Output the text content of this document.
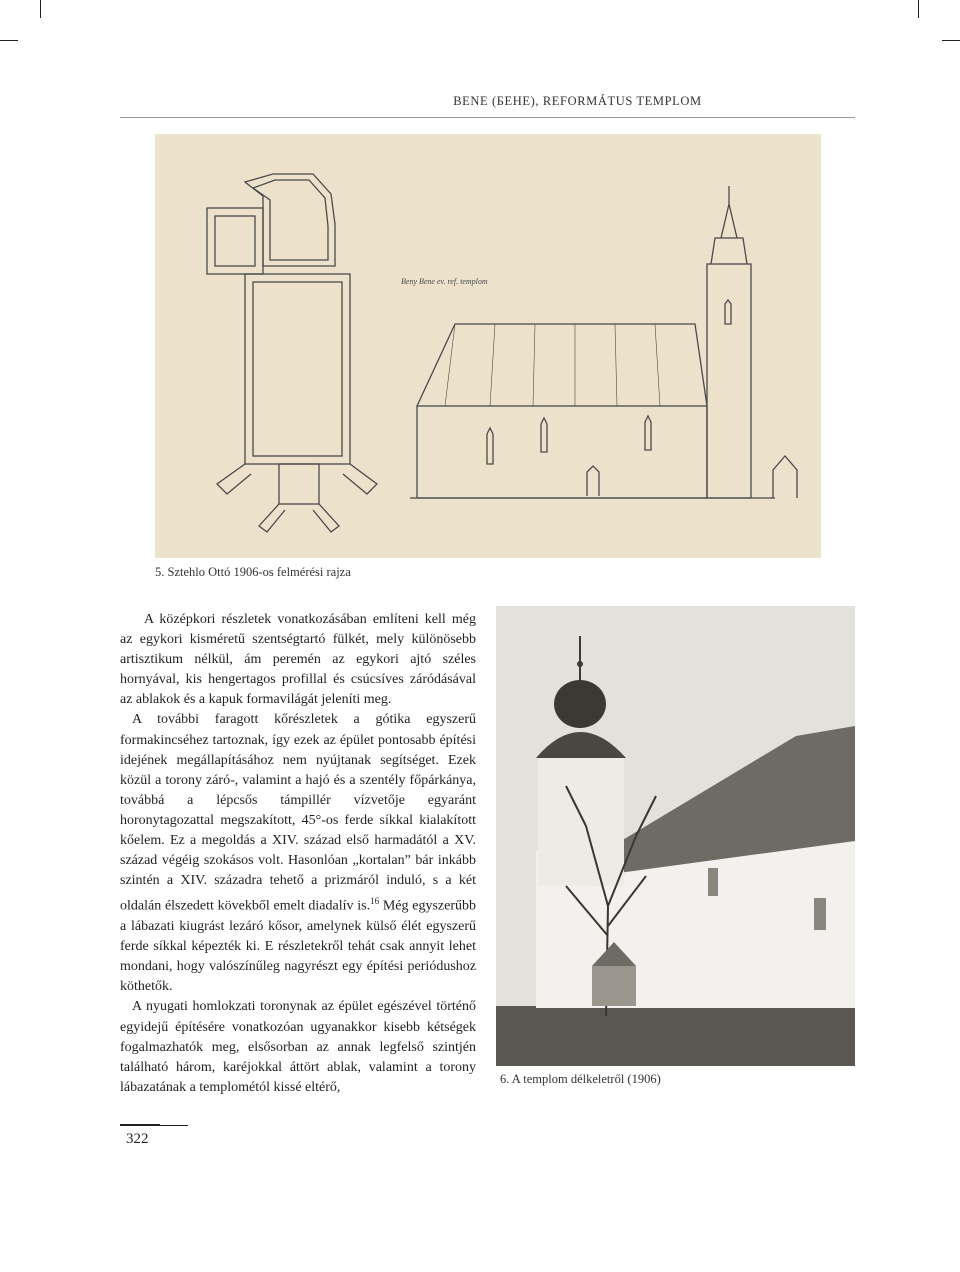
BENE (БЕНЕ), REFORMÁTUS TEMPLOM
Beny Bene ev. ref. templom
5. Sztehlo Ottó 1906-os felmérési rajza

A középkori részletek vonatkozásában említeni kell még az egykori kisméretű szentségtartó fülkét, mely különösebb artisztikum nélkül, ám peremén az egykori ajtó széles hornyával, kis hengertagos profillal és csúcsíves záródásával az ablakok és a kapuk formavilágát jeleníti meg.

A további faragott kőrészletek a gótika egyszerű formakincséhez tartoznak, így ezek az épület pontosabb építési idejének megállapításához nem nyújtanak segítséget. Ezek közül a torony záró-, valamint a hajó és a szentély főpárkánya, továbbá a lépcsős támpillér vízvetője egyaránt horonytagozattal megszakított, 45°-os ferde síkkal kialakított kőelem. Ez a megoldás a XIV. század első harmadától a XV. század végéig szokásos volt. Hasonlóan „kortalan” bár inkább szintén a XIV. századra tehető a prizmáról induló, s a két oldalán élszedett kövekből emelt diadalív is.$^{16}$ Még egyszerűbb a lábazati kiugrást lezáró kősor, amelynek külső élét egyszerű ferde síkkal képezték ki. E részletekről tehát csak annyit lehet mondani, hogy valószínűleg nagyrészt egy építési periódushoz köthetők.

A nyugati homlokzati toronynak az épület egészével történő egyidejű építésére vonatkozóan ugyanakkor kisebb kétségek fogalmazhatók meg, elsősorban az annak legfelső szintjén található három, karéjokkal áttört ablak, valamint a torony lábazatának a templométól kissé eltérő,

6. A templom délkeletről (1906)
322
